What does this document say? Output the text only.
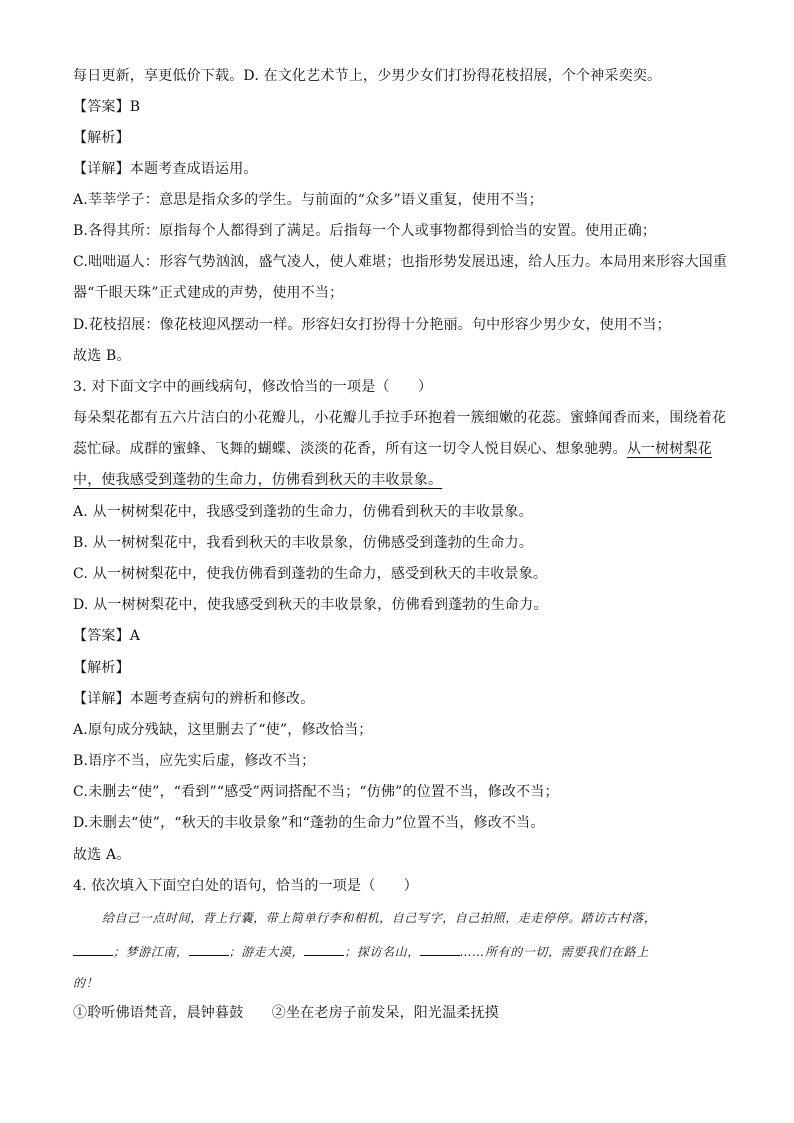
每日更新，享更低价下载。D. 在文化艺术节上，少男少女们打扮得花枝招展，个个神采奕奕。
【答案】B
【解析】
【详解】本题考查成语运用。
A.莘莘学子：意思是指众多的学生。与前面的“众多”语义重复，使用不当；
B.各得其所：原指每个人都得到了满足。后指每一个人或事物都得到恰当的安置。使用正确；
C.咄咄逼人：形容气势汹汹，盛气凌人，使人难堪；也指形势发展迅速，给人压力。本局用来形容大国重
器“千眼天珠”正式建成的声势，使用不当；
D.花枝招展：像花枝迎风摆动一样。形容妇女打扮得十分艳丽。句中形容少男少女，使用不当；
故选 B。
3. 对下面文字中的画线病句，修改恰当的一项是（　　）
每朵梨花都有五六片洁白的小花瓣儿，小花瓣儿手拉手环抱着一簇细嫩的花蕊。蜜蜂闻香而来，围绕着花
蕊忙碌。成群的蜜蜂、飞舞的蝴蝶、淡淡的花香，所有这一切令人悦目娱心、想象驰骋。从一树树梨花
中，使我感受到蓬勃的生命力，仿佛看到秋天的丰收景象。
A. 从一树树梨花中，我感受到蓬勃的生命力，仿佛看到秋天的丰收景象。
B. 从一树树梨花中，我看到秋天的丰收景象，仿佛感受到蓬勃的生命力。
C. 从一树树梨花中，使我仿佛看到蓬勃的生命力，感受到秋天的丰收景象。
D. 从一树树梨花中，使我感受到秋天的丰收景象，仿佛看到蓬勃的生命力。
【答案】A
【解析】
【详解】本题考查病句的辨析和修改。
A.原句成分残缺，这里删去了“使”，修改恰当；
B.语序不当，应先实后虚，修改不当；
C.未删去“使”，“看到”“感受”两词搭配不当；“仿佛”的位置不当，修改不当；
D.未删去“使”，“秋天的丰收景象”和“蓬勃的生命力”位置不当，修改不当。
故选 A。
4. 依次填入下面空白处的语句，恰当的一项是（　　）
给自己一点时间，背上行囊，带上简单行李和相机，自己写字，自己拍照，走走停停。踏访古村落，
；梦游江南，	；游走大漠，	；探访名山，	……所有的一切，需要我们在路上
的！
①聆听佛语梵音，晨钟暮鼓　　②坐在老房子前发呆，阳光温柔抚摸
